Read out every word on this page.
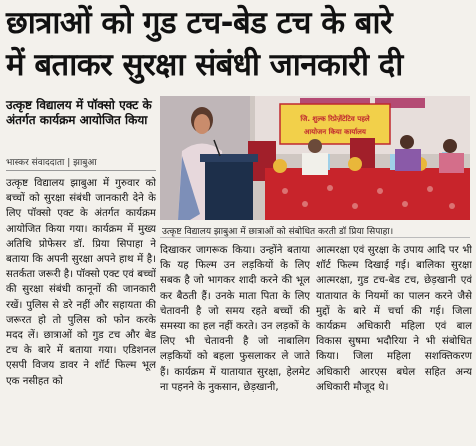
छात्राओं को गुड टच-बेड टच के बारे
में बताकर सुरक्षा संबंधी जानकारी दी
उत्कृष्ट विद्यालय में पॉक्सो एक्ट के अंतर्गत कार्यक्रम आयोजित किया
भास्कर संवाददाता | झाबुआ
जि. शुल्क रिप्रेज़ेंटेटिव पहले
आयोजन किया कार्यालय
उत्कृष्ट विद्यालय झाबुआ में छात्राओं को संबोधित करती डॉ प्रिया सिपाहा।

उत्कृष्ट विद्यालय झाबुआ में गुरुवार को बच्चों को सुरक्षा संबंधी जानकारी देने के लिए पॉक्सो एक्ट के अंतर्गत कार्यक्रम आयोजित किया गया। कार्यक्रम में मुख्य अतिथि प्रोफेसर डॉ. प्रिया सिपाहा ने बताया कि अपनी सुरक्षा अपने हाथ में है। सतर्कता जरूरी है। पॉक्सो एक्ट एवं बच्चों की सुरक्षा संबंधी कानूनों की जानकारी रखें। पुलिस से डरे नहीं और सहायता की जरूरत हो तो पुलिस को फोन करके मदद लें। छात्राओं को गुड टच और बेड टच के बारे में बताया गया। एडिशनल एसपी विजय डावर ने शॉर्ट फिल्म भूल एक नसीहत को

दिखाकर जागरूक किया। उन्होंने बताया कि यह फिल्म उन लड़कियों के लिए सबक है जो भागकर शादी करने की भूल कर बैठती हैं। उनके माता पिता के लिए चेतावनी है जो समय रहते बच्चों की समस्या का हल नहीं करते। उन लड़कों के लिए भी चेतावनी है जो नाबालिग लड़कियों को बहला फुसलाकर ले जाते हैं। कार्यक्रम में यातायात सुरक्षा, हेलमेट ना पहनने के नुकसान, छेड़खानी,

आत्मरक्षा एवं सुरक्षा के उपाय आदि पर भी शॉर्ट फिल्म दिखाई गई। बालिका सुरक्षा आत्मरक्षा, गुड टच-बेड टच, छेड़खानी एवं यातायात के नियमों का पालन करने जैसे मुद्दों के बारे में चर्चा की गई। जिला कार्यक्रम अधिकारी महिला एवं बाल विकास सुषमा भदौरिया ने भी संबोधित किया। जिला महिला सशक्तिकरण अधिकारी आरएस बघेल सहित अन्य अधिकारी मौजूद थे।
